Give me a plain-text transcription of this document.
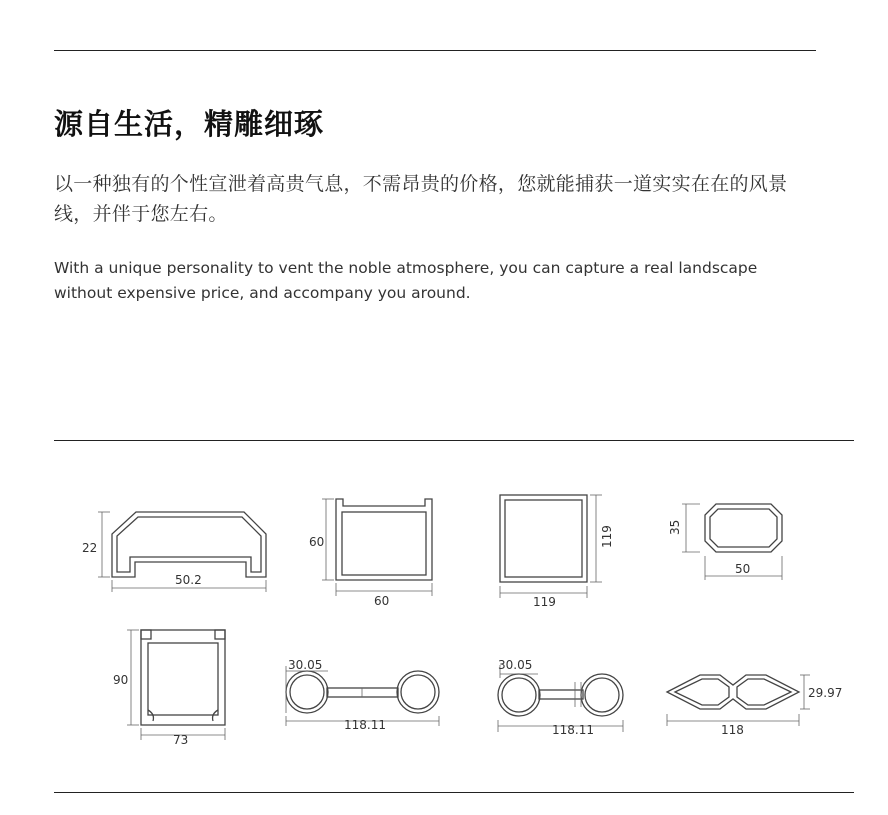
源自生活，精雕细琢

以一种独有的个性宣泄着高贵气息，不需昂贵的价格，您就能捕获一道实实在在的风景线，并伴于您左右。

With a unique personality to vent the noble atmosphere, you can capture a real landscape without expensive price, and accompany you around.

22
50.2
60
60
119
119
35
50
90
73
30.05
118.11
30.05
118.11
29.97
118
